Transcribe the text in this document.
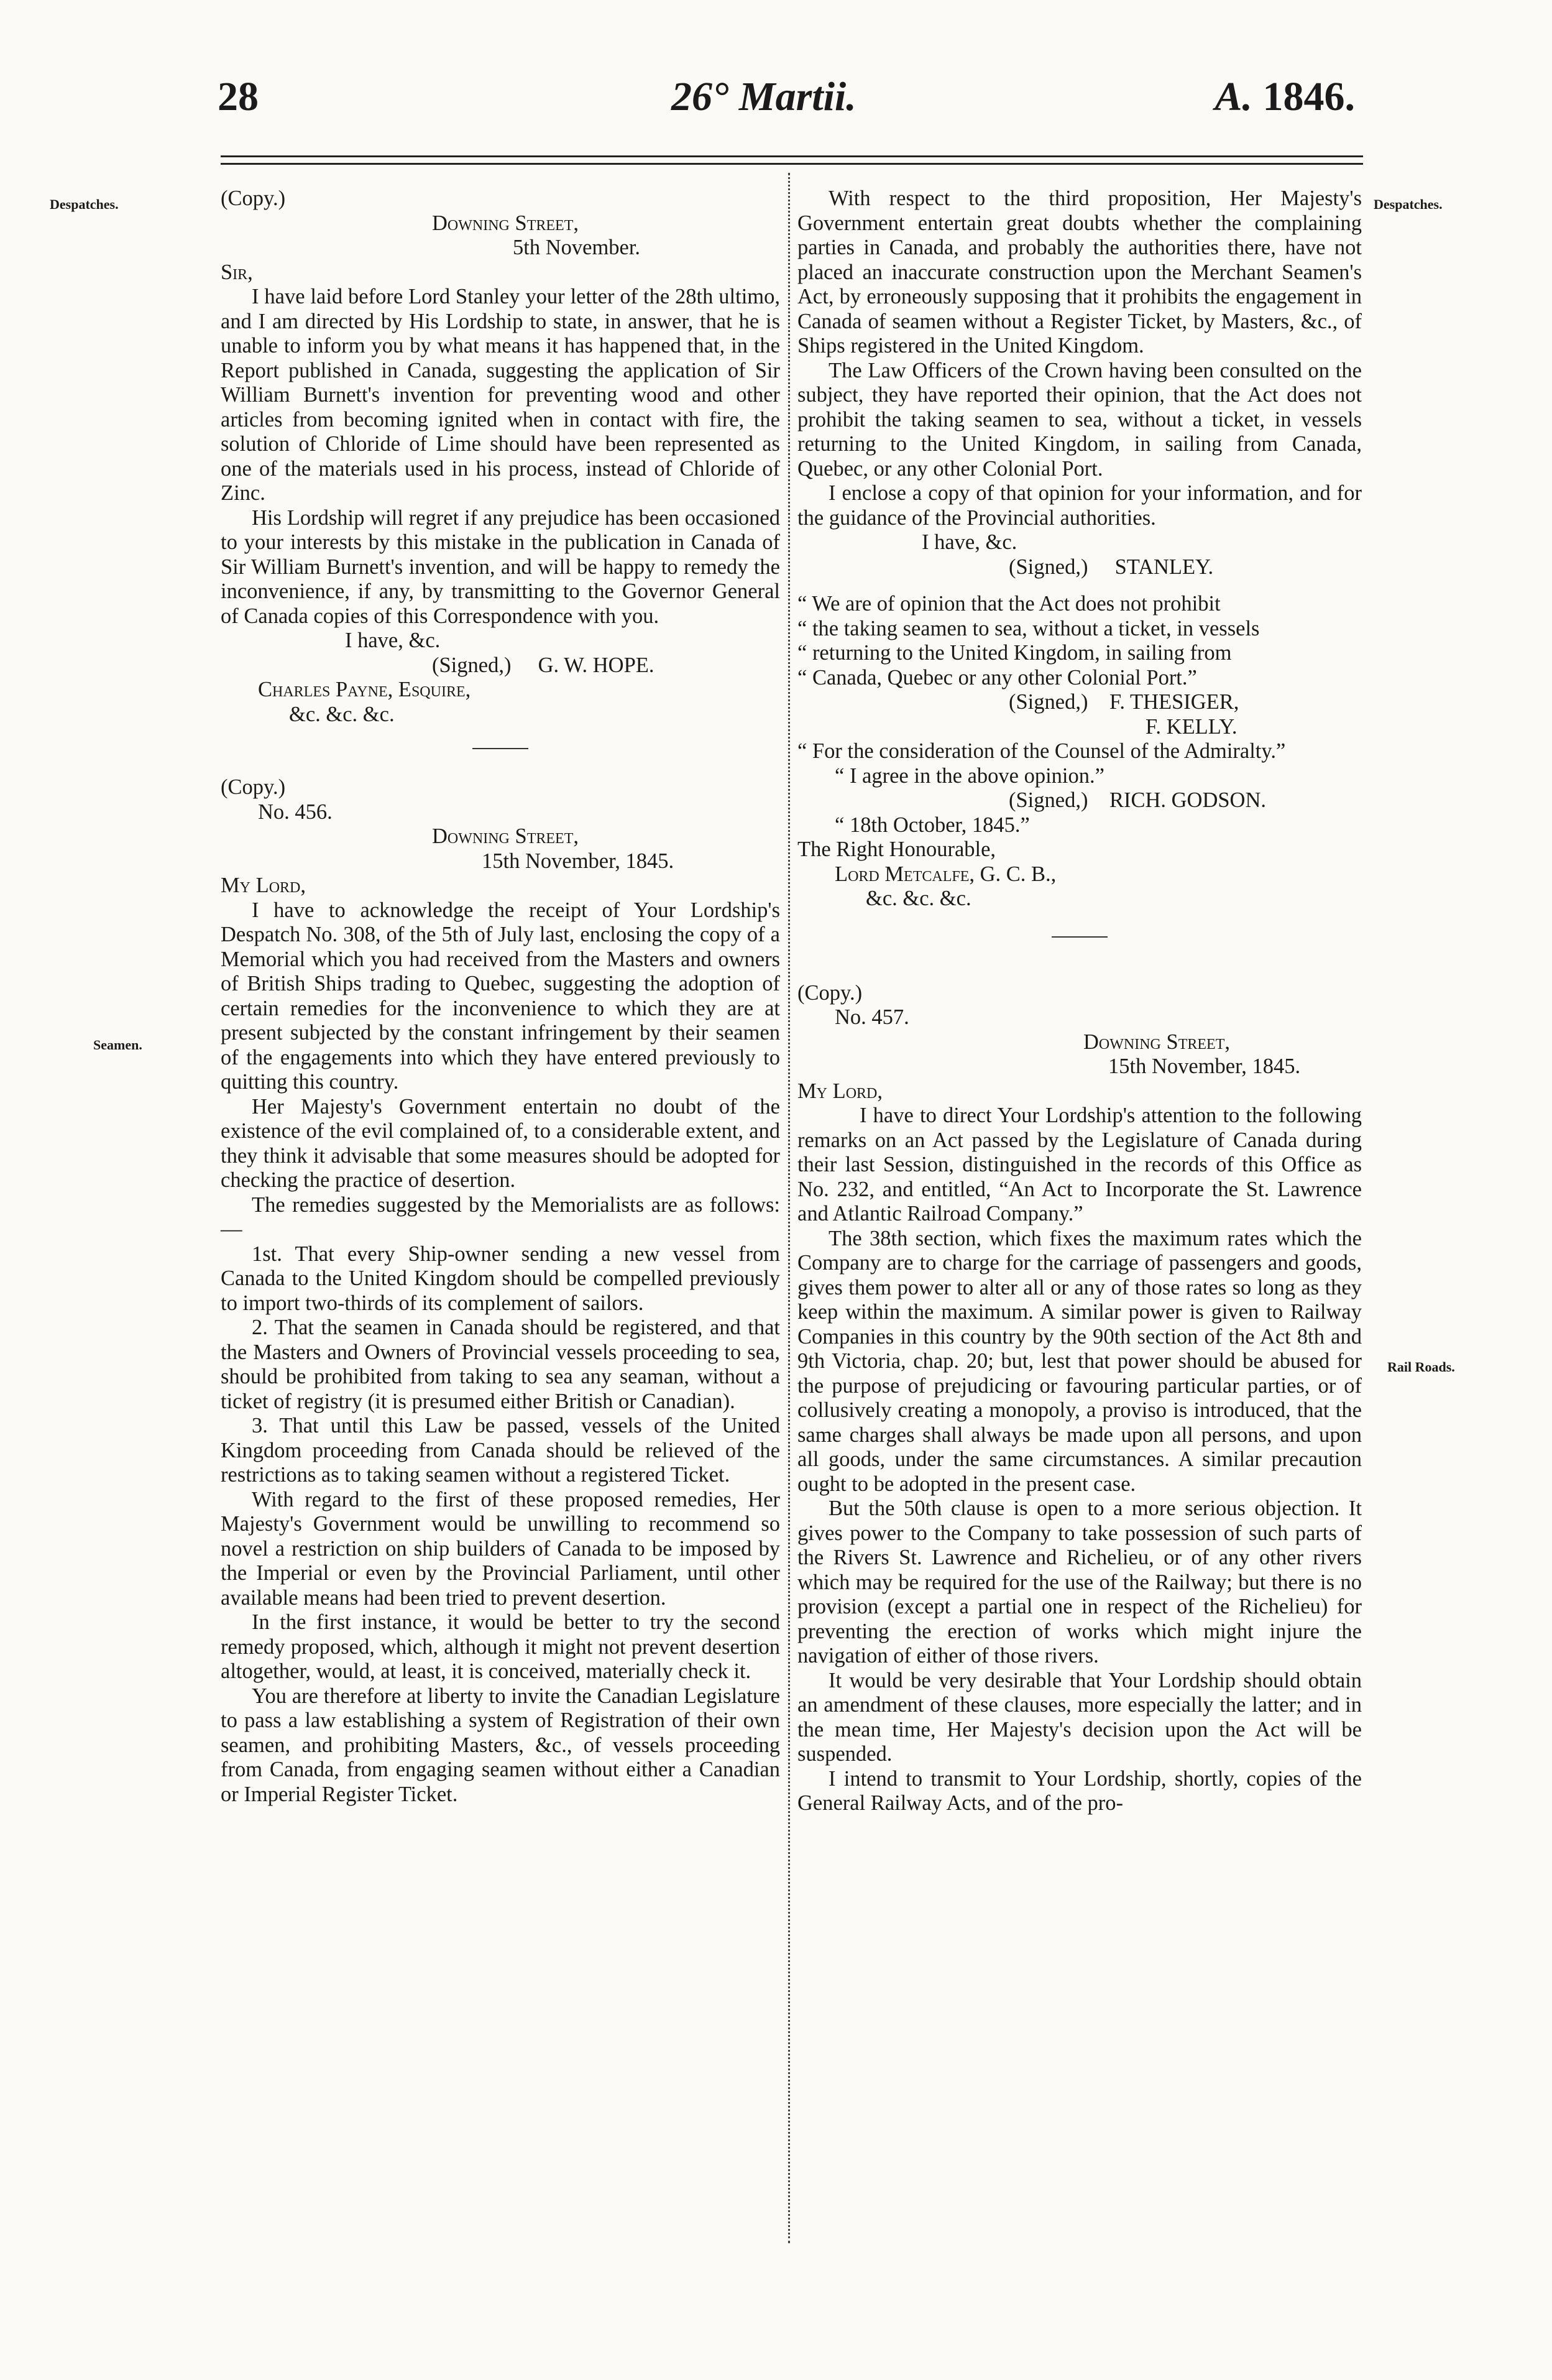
28	26° Martii.	A. 1846.
Despatches.
Seamen.
Despatches.
Rail Roads.

(Copy.)

Downing Street,

5th November.

Sir,

I have laid before Lord Stanley your letter of the 28th ultimo, and I am directed by His Lordship to state, in answer, that he is unable to inform you by what means it has happened that, in the Report published in Canada, suggesting the application of Sir William Burnett's invention for preventing wood and other articles from becoming ignited when in contact with fire, the solution of Chloride of Lime should have been represented as one of the materials used in his process, instead of Chloride of Zinc.

His Lordship will regret if any prejudice has been occasioned to your interests by this mistake in the publication in Canada of Sir William Burnett's invention, and will be happy to remedy the inconvenience, if any, by transmitting to the Governor General of Canada copies of this Correspondence with you.

I have, &c.

(Signed,) G. W. HOPE.

Charles Payne, Esquire,

&c. &c. &c.

(Copy.)

No. 456.

Downing Street,

15th November, 1845.

My Lord,

I have to acknowledge the receipt of Your Lordship's Despatch No. 308, of the 5th of July last, enclosing the copy of a Memorial which you had received from the Masters and owners of British Ships trading to Quebec, suggesting the adoption of certain remedies for the inconvenience to which they are at present subjected by the constant infringement by their seamen of the engagements into which they have entered previously to quitting this country.

Her Majesty's Government entertain no doubt of the existence of the evil complained of, to a considerable extent, and they think it advisable that some measures should be adopted for checking the practice of desertion.

The remedies suggested by the Memorialists are as follows:—

1st. That every Ship-owner sending a new vessel from Canada to the United Kingdom should be compelled previously to import two-thirds of its complement of sailors.

2. That the seamen in Canada should be registered, and that the Masters and Owners of Provincial vessels proceeding to sea, should be prohibited from taking to sea any seaman, without a ticket of registry (it is presumed either British or Canadian).

3. That until this Law be passed, vessels of the United Kingdom proceeding from Canada should be relieved of the restrictions as to taking seamen without a registered Ticket.

With regard to the first of these proposed remedies, Her Majesty's Government would be unwilling to recommend so novel a restriction on ship builders of Canada to be imposed by the Imperial or even by the Provincial Parliament, until other available means had been tried to prevent desertion.

In the first instance, it would be better to try the second remedy proposed, which, although it might not prevent desertion altogether, would, at least, it is conceived, materially check it.

You are therefore at liberty to invite the Canadian Legislature to pass a law establishing a system of Registration of their own seamen, and prohibiting Masters, &c., of vessels proceeding from Canada, from engaging seamen without either a Canadian or Imperial Register Ticket.

With respect to the third proposition, Her Majesty's Government entertain great doubts whether the complaining parties in Canada, and probably the authorities there, have not placed an inaccurate construction upon the Merchant Seamen's Act, by erroneously supposing that it prohibits the engagement in Canada of seamen without a Register Ticket, by Masters, &c., of Ships registered in the United Kingdom.

The Law Officers of the Crown having been consulted on the subject, they have reported their opinion, that the Act does not prohibit the taking seamen to sea, without a ticket, in vessels returning to the United Kingdom, in sailing from Canada, Quebec, or any other Colonial Port.

I enclose a copy of that opinion for your information, and for the guidance of the Provincial authorities.

I have, &c.

(Signed,) STANLEY.

“ We are of opinion that the Act does not prohibit

“ the taking seamen to sea, without a ticket, in vessels

“ returning to the United Kingdom, in sailing from

“ Canada, Quebec or any other Colonial Port.”

(Signed,) F. THESIGER,

F. KELLY.

“ For the consideration of the Counsel of the Admiralty.”

“ I agree in the above opinion.”

(Signed,) RICH. GODSON.

“ 18th October, 1845.”

The Right Honourable,

Lord Metcalfe, G. C. B.,

&c. &c. &c.

(Copy.)

No. 457.

Downing Street,

15th November, 1845.

My Lord,

I have to direct Your Lordship's attention to the following remarks on an Act passed by the Legislature of Canada during their last Session, distinguished in the records of this Office as No. 232, and entitled, “An Act to Incorporate the St. Lawrence and Atlantic Railroad Company.”

The 38th section, which fixes the maximum rates which the Company are to charge for the carriage of passengers and goods, gives them power to alter all or any of those rates so long as they keep within the maximum. A similar power is given to Railway Companies in this country by the 90th section of the Act 8th and 9th Victoria, chap. 20; but, lest that power should be abused for the purpose of prejudicing or favouring particular parties, or of collusively creating a monopoly, a proviso is introduced, that the same charges shall always be made upon all persons, and upon all goods, under the same circumstances. A similar precaution ought to be adopted in the present case.

But the 50th clause is open to a more serious objection. It gives power to the Company to take possession of such parts of the Rivers St. Lawrence and Richelieu, or of any other rivers which may be required for the use of the Railway; but there is no provision (except a partial one in respect of the Richelieu) for preventing the erection of works which might injure the navigation of either of those rivers.

It would be very desirable that Your Lordship should obtain an amendment of these clauses, more especially the latter; and in the mean time, Her Majesty's decision upon the Act will be suspended.

I intend to transmit to Your Lordship, shortly, copies of the General Railway Acts, and of the pro-
